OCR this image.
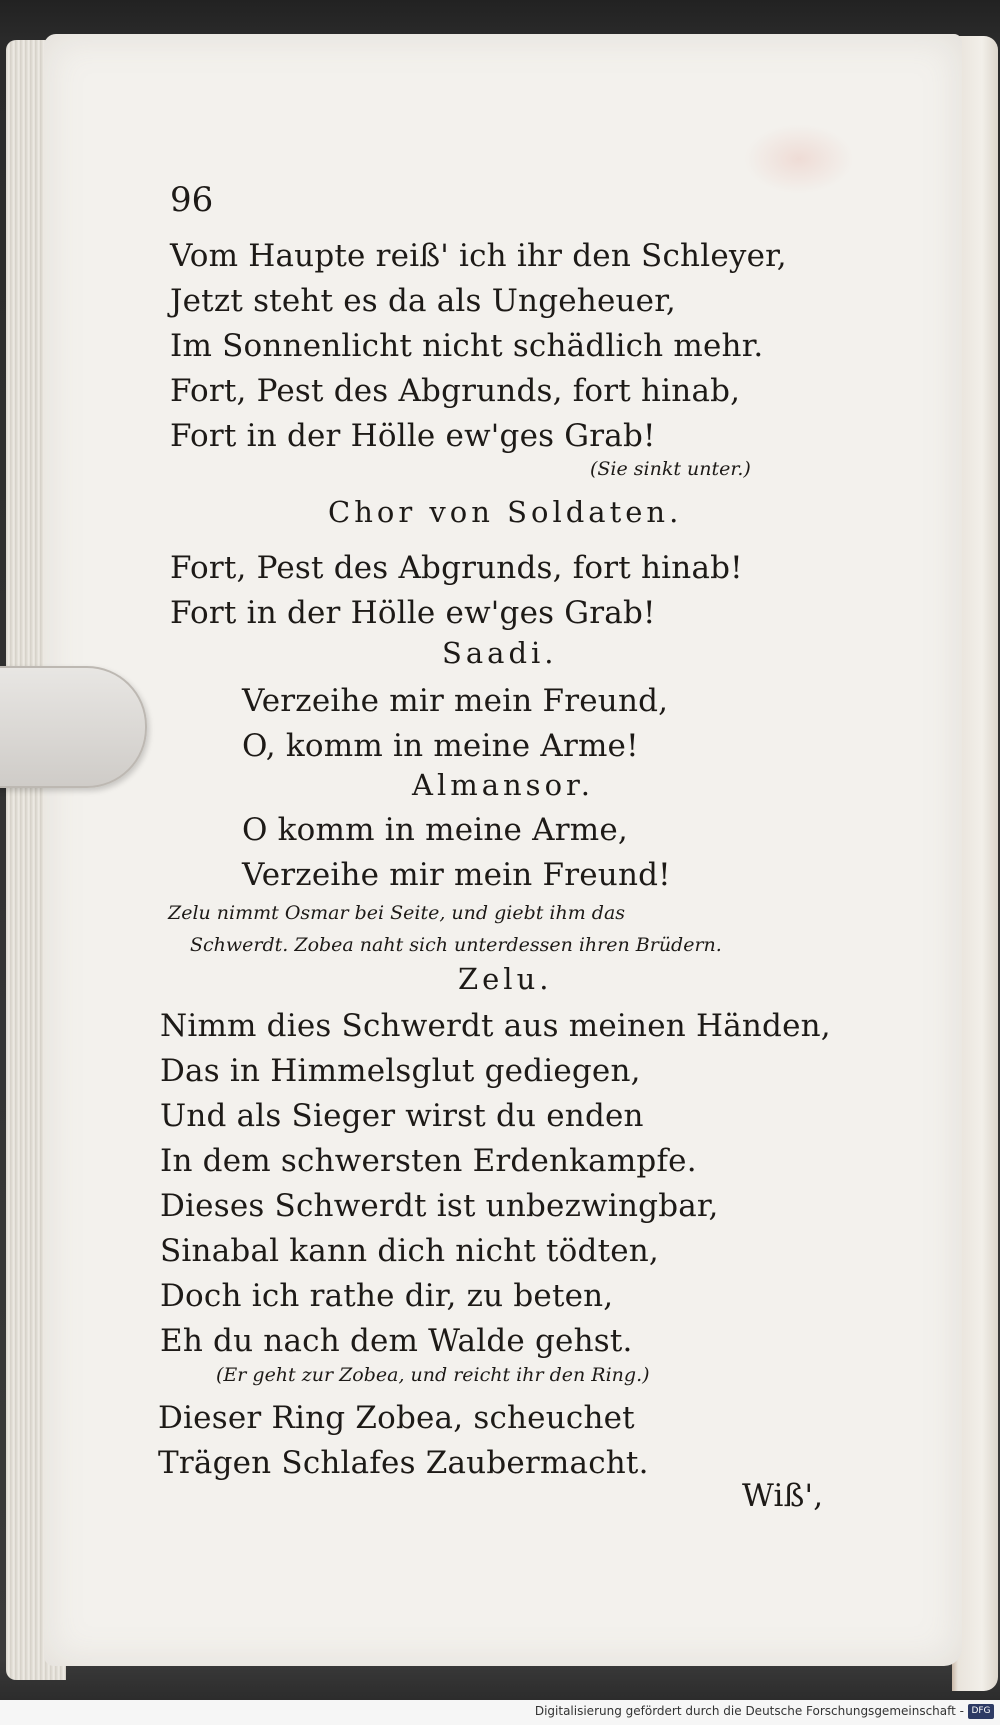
96
Vom Haupte reiß' ich ihr den Schleyer,
Jetzt steht es da als Ungeheuer,
Im Sonnenlicht nicht schädlich mehr.
Fort, Pest des Abgrunds, fort hinab,
Fort in der Hölle ew'ges Grab!
(Sie sinkt unter.)
Chor von Soldaten.
Fort, Pest des Abgrunds, fort hinab!
Fort in der Hölle ew'ges Grab!
Saadi.
Verzeihe mir mein Freund,
O, komm in meine Arme!
Almansor.
O komm in meine Arme,
Verzeihe mir mein Freund!
Zelu nimmt Osmar bei Seite, und giebt ihm das
Schwerdt. Zobea naht sich unterdessen ihren Brüdern.
Zelu.
Nimm dies Schwerdt aus meinen Händen,
Das in Himmelsglut gediegen,
Und als Sieger wirst du enden
In dem schwersten Erdenkampfe.
Dieses Schwerdt ist unbezwingbar,
Sinabal kann dich nicht tödten,
Doch ich rathe dir, zu beten,
Eh du nach dem Walde gehst.
(Er geht zur Zobea, und reicht ihr den Ring.)
Dieser Ring Zobea, scheuchet
Trägen Schlafes Zaubermacht.
Wiß',
Digitalisierung gefördert durch die Deutsche Forschungsgemeinschaft - DFG
